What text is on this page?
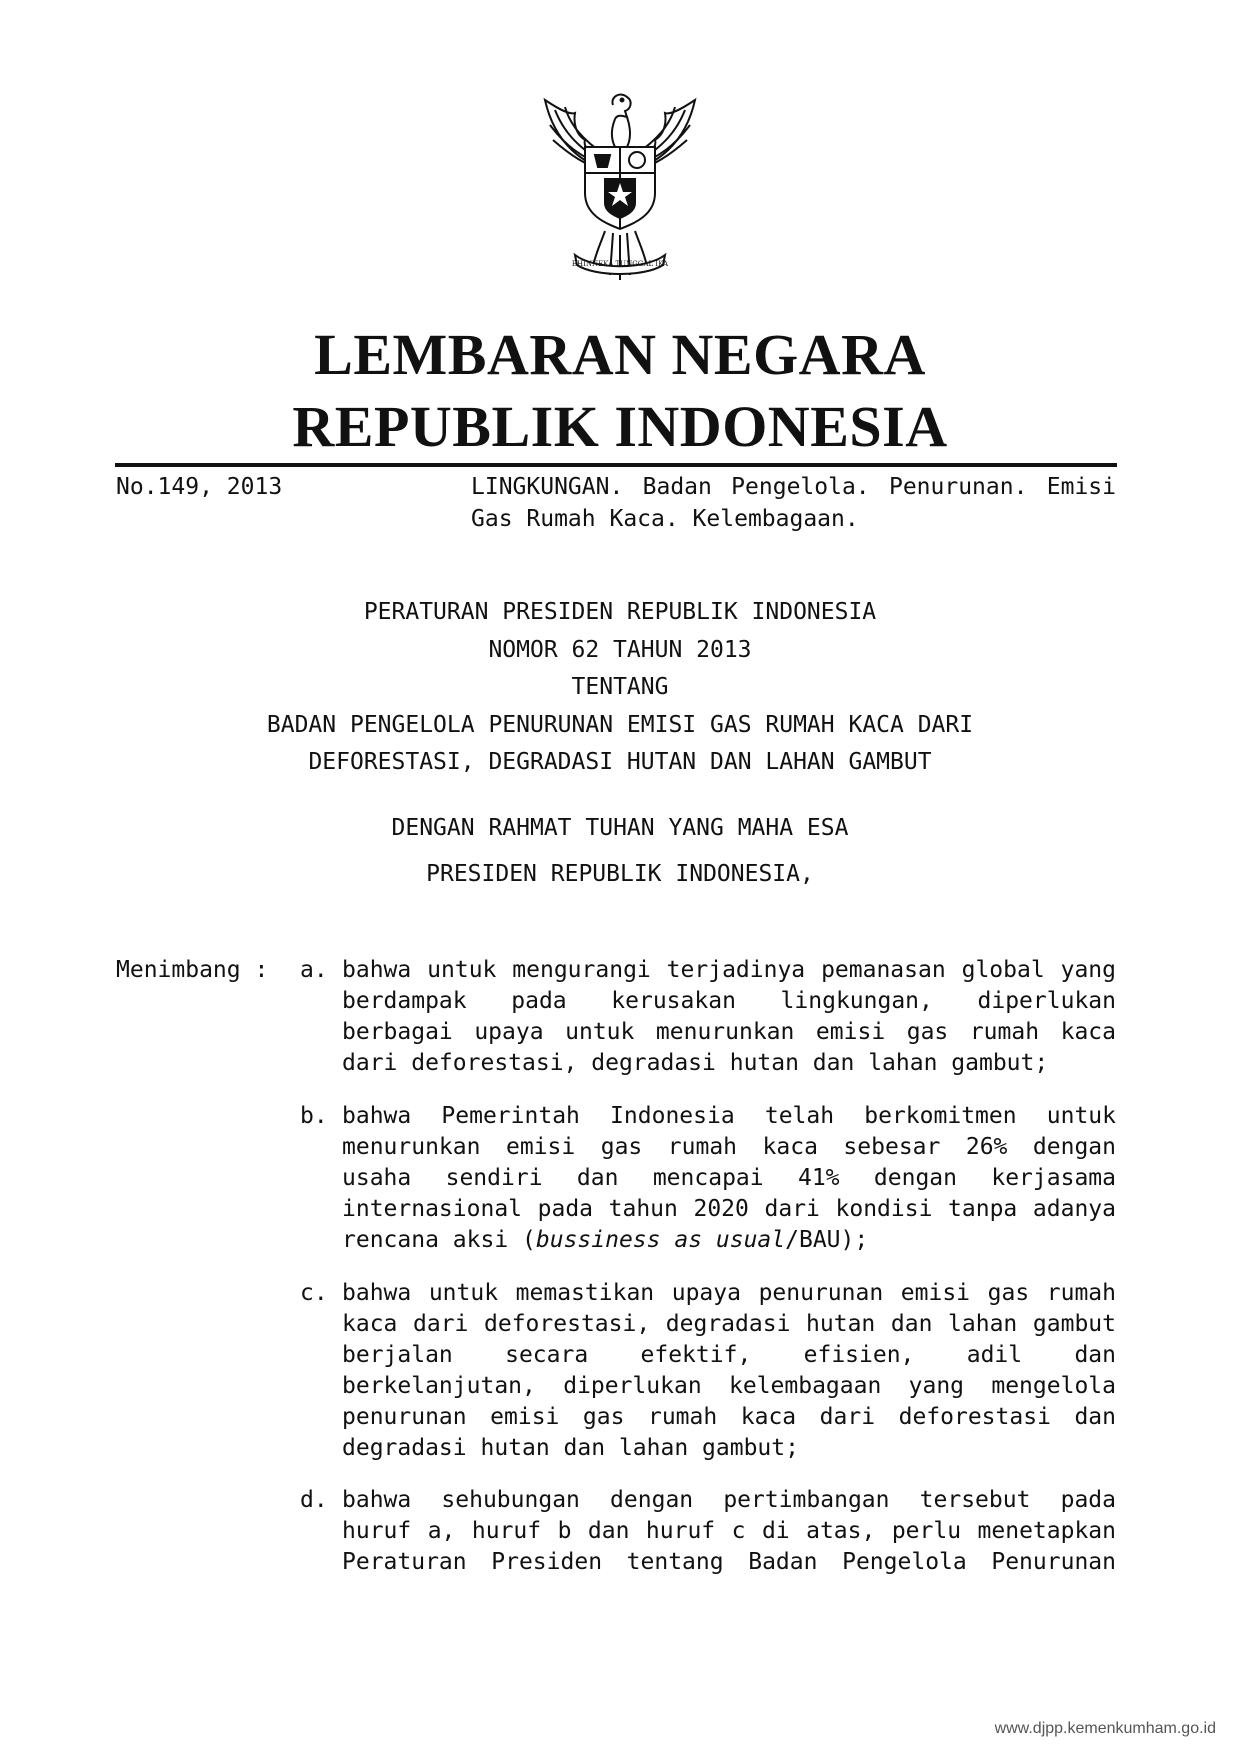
BHINNEKA TUNGGAL IKA
LEMBARAN NEGARA
REPUBLIK INDONESIA
No.149, 2013	LINGKUNGAN. Badan Pengelola. Penurunan. Emisi Gas Rumah Kaca. Kelembagaan.

PERATURAN PRESIDEN REPUBLIK INDONESIA

NOMOR 62 TAHUN 2013

TENTANG

BADAN PENGELOLA PENURUNAN EMISI GAS RUMAH KACA DARI

DEFORESTASI, DEGRADASI HUTAN DAN LAHAN GAMBUT

DENGAN RAHMAT TUHAN YANG MAHA ESA

PRESIDEN REPUBLIK INDONESIA,

Menimbang : a. bahwa untuk mengurangi terjadinya pemanasan global yang berdampak pada kerusakan lingkungan, diperlukan berbagai upaya untuk menurunkan emisi gas rumah kaca dari deforestasi, degradasi hutan dan lahan gambut;
b. bahwa Pemerintah Indonesia telah berkomitmen untuk menurunkan emisi gas rumah kaca sebesar 26% dengan usaha sendiri dan mencapai 41% dengan kerjasama internasional pada tahun 2020 dari kondisi tanpa adanya rencana aksi (bussiness as usual/BAU);
c. bahwa untuk memastikan upaya penurunan emisi gas rumah kaca dari deforestasi, degradasi hutan dan lahan gambut berjalan secara efektif, efisien, adil dan berkelanjutan, diperlukan kelembagaan yang mengelola penurunan emisi gas rumah kaca dari deforestasi dan degradasi hutan dan lahan gambut;
d. bahwa sehubungan dengan pertimbangan tersebut pada huruf a, huruf b dan huruf c di atas, perlu menetapkan Peraturan Presiden tentang Badan Pengelola Penurunan
www.djpp.kemenkumham.go.id
